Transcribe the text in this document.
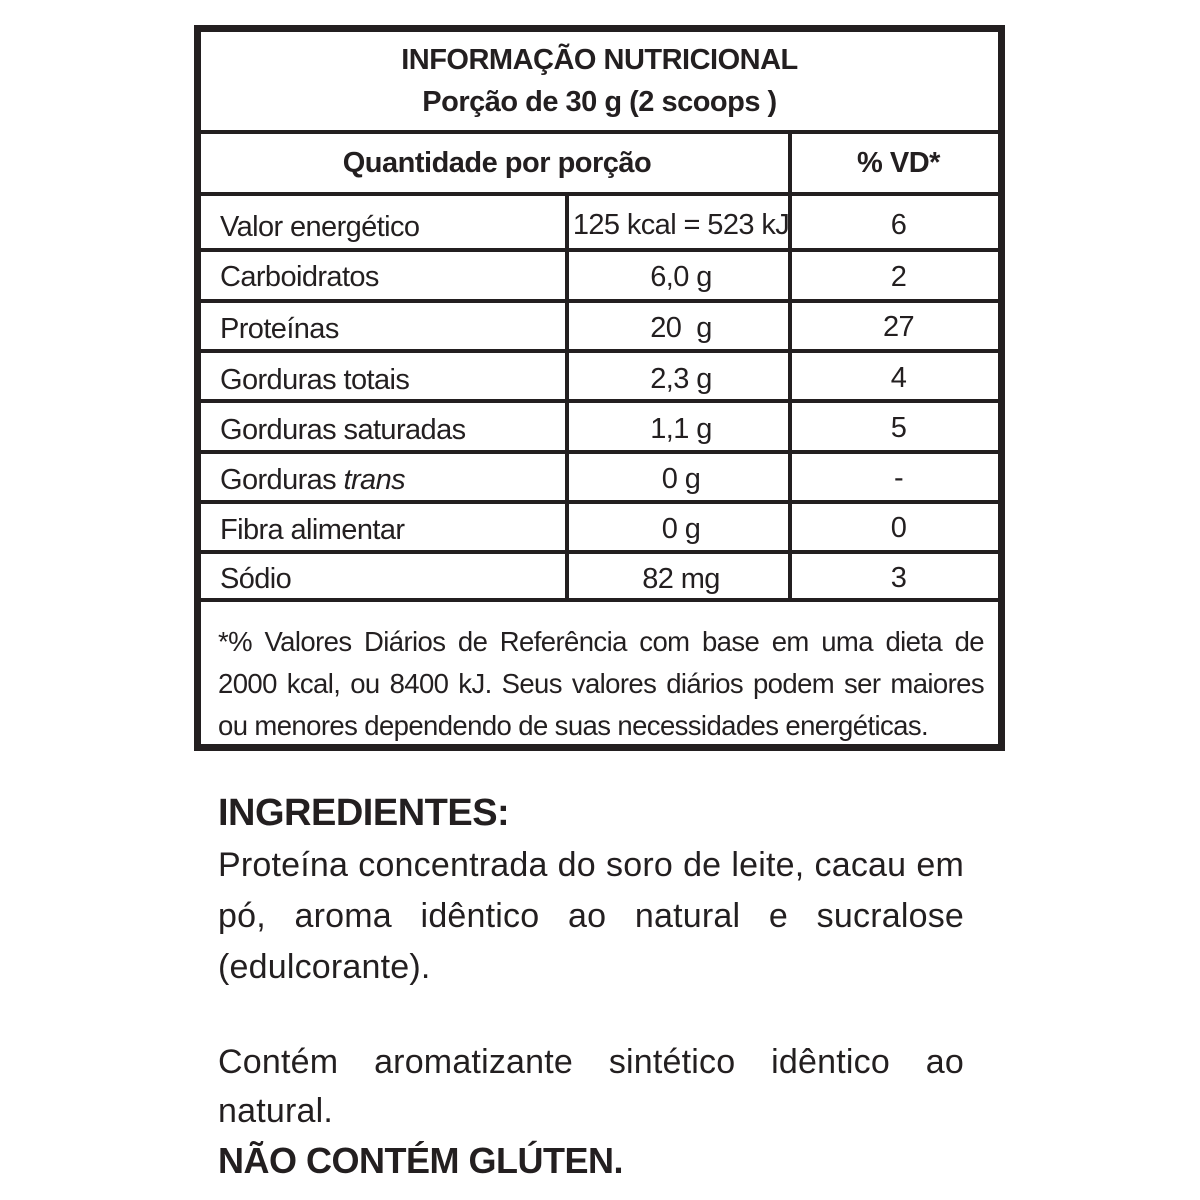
INFORMAÇÃO NUTRICIONAL
Porção de 30 g (2 scoops )
Quantidade por porção	% VD*
Valor energético	125 kcal = 523 kJ	6
Carboidratos	6,0 g	2
Proteínas	20  g	27
Gorduras totais	2,3 g	4
Gorduras saturadas	1,1 g	5
Gorduras trans	0 g	-
Fibra alimentar	0 g	0
Sódio	82 mg	3
*% Valores Diários de Referência com base em uma dieta de 2000 kcal, ou 8400 kJ. Seus valores diários podem ser maiores ou menores dependendo de suas necessidades energéticas.
INGREDIENTES:
Proteína concentrada do soro de leite, cacau em pó, aroma idêntico ao natural e sucralose (edulcorante).
Contém aromatizante sintético idêntico ao natural.
NÃO CONTÉM GLÚTEN.
